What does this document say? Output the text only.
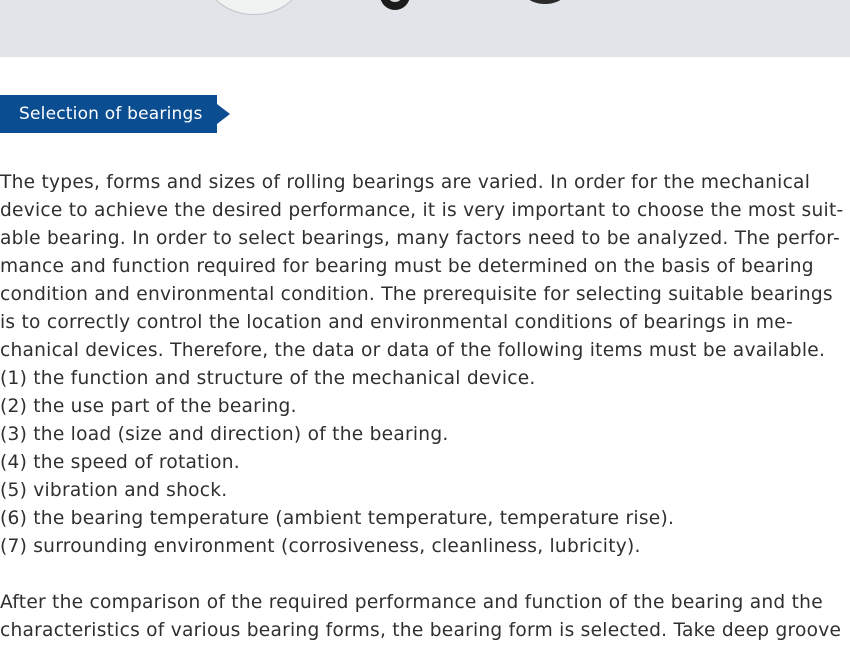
Selection of bearings

The types, forms and sizes of rolling bearings are varied. In order for the mechanical
device to achieve the desired performance, it is very important to choose the most suit-
able bearing. In order to select bearings, many factors need to be analyzed. The perfor-
mance and function required for bearing must be determined on the basis of bearing
condition and environmental condition. The prerequisite for selecting suitable bearings
is to correctly control the location and environmental conditions of bearings in me-
chanical devices. Therefore, the data or data of the following items must be available.

(1) the function and structure of the mechanical device.
(2) the use part of the bearing.
(3) the load (size and direction) of the bearing.
(4) the speed of rotation.
(5) vibration and shock.
(6) the bearing temperature (ambient temperature, temperature rise).
(7) surrounding environment (corrosiveness, cleanliness, lubricity).

After the comparison of the required performance and function of the bearing and the
characteristics of various bearing forms, the bearing form is selected. Take deep groove
